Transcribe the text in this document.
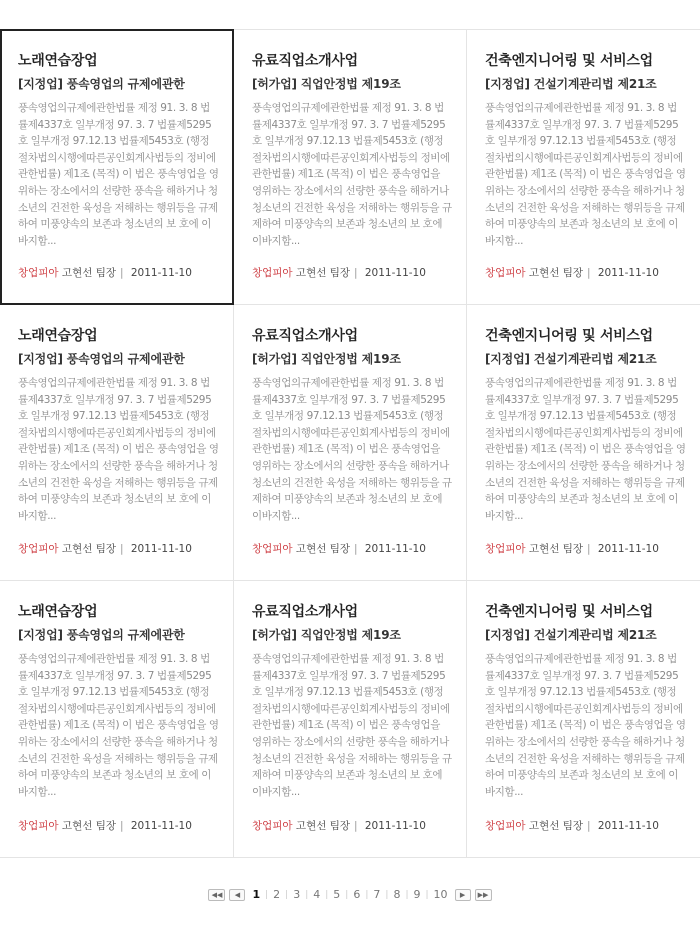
노래연습장업
[지정업] 풍속영업의 규제에관한
풍속영업의규제에관한법률 제정 91. 3. 8 법률제4337호 일부개정 97. 3. 7 법률제5295호 일부개정 97.12.13 법률제5453호 (행정절차법의시행에따른공인회계사법등의 정비에관한법률) 제1조 (목적) 이 법은 풍속영업을 영위하는 장소에서의 선량한 풍속을 해하거나 청소년의 건전한 육성을 저해하는 행위등을 규제하여 미풍양속의 보존과 청소년의 보 호에 이바지함...
창업피아 고현선 팀장 | 2011-11-10
유료직업소개사업
[허가업] 직업안정법 제19조
풍속영업의규제에관한법률 제정 91. 3. 8 법률제4337호 일부개정 97. 3. 7 법률제5295호 일부개정 97.12.13 법률제5453호 (행정절차법의시행에따른공인회계사법등의 정비에관한법률) 제1조 (목적) 이 법은 풍속영업을 영위하는 장소에서의 선량한 풍속을 해하거나 청소년의 건전한 육성을 저해하는 행위등을 규제하여 미풍양속의 보존과 청소년의 보 호에 이바지함...
창업피아 고현선 팀장 | 2011-11-10
건축엔지니어링 및 서비스업
[지정업] 건설기계관리법 제21조
풍속영업의규제에관한법률 제정 91. 3. 8 법률제4337호 일부개정 97. 3. 7 법률제5295호 일부개정 97.12.13 법률제5453호 (행정절차법의시행에따른공인회계사법등의 정비에관한법률) 제1조 (목적) 이 법은 풍속영업을 영위하는 장소에서의 선량한 풍속을 해하거나 청소년의 건전한 육성을 저해하는 행위등을 규제하여 미풍양속의 보존과 청소년의 보 호에 이바지함...
창업피아 고현선 팀장 | 2011-11-10
노래연습장업
[지정업] 풍속영업의 규제에관한
풍속영업의규제에관한법률 제정 91. 3. 8 법률제4337호 일부개정 97. 3. 7 법률제5295호 일부개정 97.12.13 법률제5453호 (행정절차법의시행에따른공인회계사법등의 정비에관한법률) 제1조 (목적) 이 법은 풍속영업을 영위하는 장소에서의 선량한 풍속을 해하거나 청소년의 건전한 육성을 저해하는 행위등을 규제하여 미풍양속의 보존과 청소년의 보 호에 이바지함...
창업피아 고현선 팀장 | 2011-11-10
유료직업소개사업
[허가업] 직업안정법 제19조
풍속영업의규제에관한법률 제정 91. 3. 8 법률제4337호 일부개정 97. 3. 7 법률제5295호 일부개정 97.12.13 법률제5453호 (행정절차법의시행에따른공인회계사법등의 정비에관한법률) 제1조 (목적) 이 법은 풍속영업을 영위하는 장소에서의 선량한 풍속을 해하거나 청소년의 건전한 육성을 저해하는 행위등을 규제하여 미풍양속의 보존과 청소년의 보 호에 이바지함...
창업피아 고현선 팀장 | 2011-11-10
건축엔지니어링 및 서비스업
[지정업] 건설기계관리법 제21조
풍속영업의규제에관한법률 제정 91. 3. 8 법률제4337호 일부개정 97. 3. 7 법률제5295호 일부개정 97.12.13 법률제5453호 (행정절차법의시행에따른공인회계사법등의 정비에관한법률) 제1조 (목적) 이 법은 풍속영업을 영위하는 장소에서의 선량한 풍속을 해하거나 청소년의 건전한 육성을 저해하는 행위등을 규제하여 미풍양속의 보존과 청소년의 보 호에 이바지함...
창업피아 고현선 팀장 | 2011-11-10
노래연습장업
[지정업] 풍속영업의 규제에관한
풍속영업의규제에관한법률 제정 91. 3. 8 법률제4337호 일부개정 97. 3. 7 법률제5295호 일부개정 97.12.13 법률제5453호 (행정절차법의시행에따른공인회계사법등의 정비에관한법률) 제1조 (목적) 이 법은 풍속영업을 영위하는 장소에서의 선량한 풍속을 해하거나 청소년의 건전한 육성을 저해하는 행위등을 규제하여 미풍양속의 보존과 청소년의 보 호에 이바지함...
창업피아 고현선 팀장 | 2011-11-10
유료직업소개사업
[허가업] 직업안정법 제19조
풍속영업의규제에관한법률 제정 91. 3. 8 법률제4337호 일부개정 97. 3. 7 법률제5295호 일부개정 97.12.13 법률제5453호 (행정절차법의시행에따른공인회계사법등의 정비에관한법률) 제1조 (목적) 이 법은 풍속영업을 영위하는 장소에서의 선량한 풍속을 해하거나 청소년의 건전한 육성을 저해하는 행위등을 규제하여 미풍양속의 보존과 청소년의 보 호에 이바지함...
창업피아 고현선 팀장 | 2011-11-10
건축엔지니어링 및 서비스업
[지정업] 건설기계관리법 제21조
풍속영업의규제에관한법률 제정 91. 3. 8 법률제4337호 일부개정 97. 3. 7 법률제5295호 일부개정 97.12.13 법률제5453호 (행정절차법의시행에따른공인회계사법등의 정비에관한법률) 제1조 (목적) 이 법은 풍속영업을 영위하는 장소에서의 선량한 풍속을 해하거나 청소년의 건전한 육성을 저해하는 행위등을 규제하여 미풍양속의 보존과 청소년의 보 호에 이바지함...
창업피아 고현선 팀장 | 2011-11-10
◀◀	◀	1 | 2 | 3 | 4 | 5 | 6 | 7 | 8 | 9 | 10	▶	▶▶
